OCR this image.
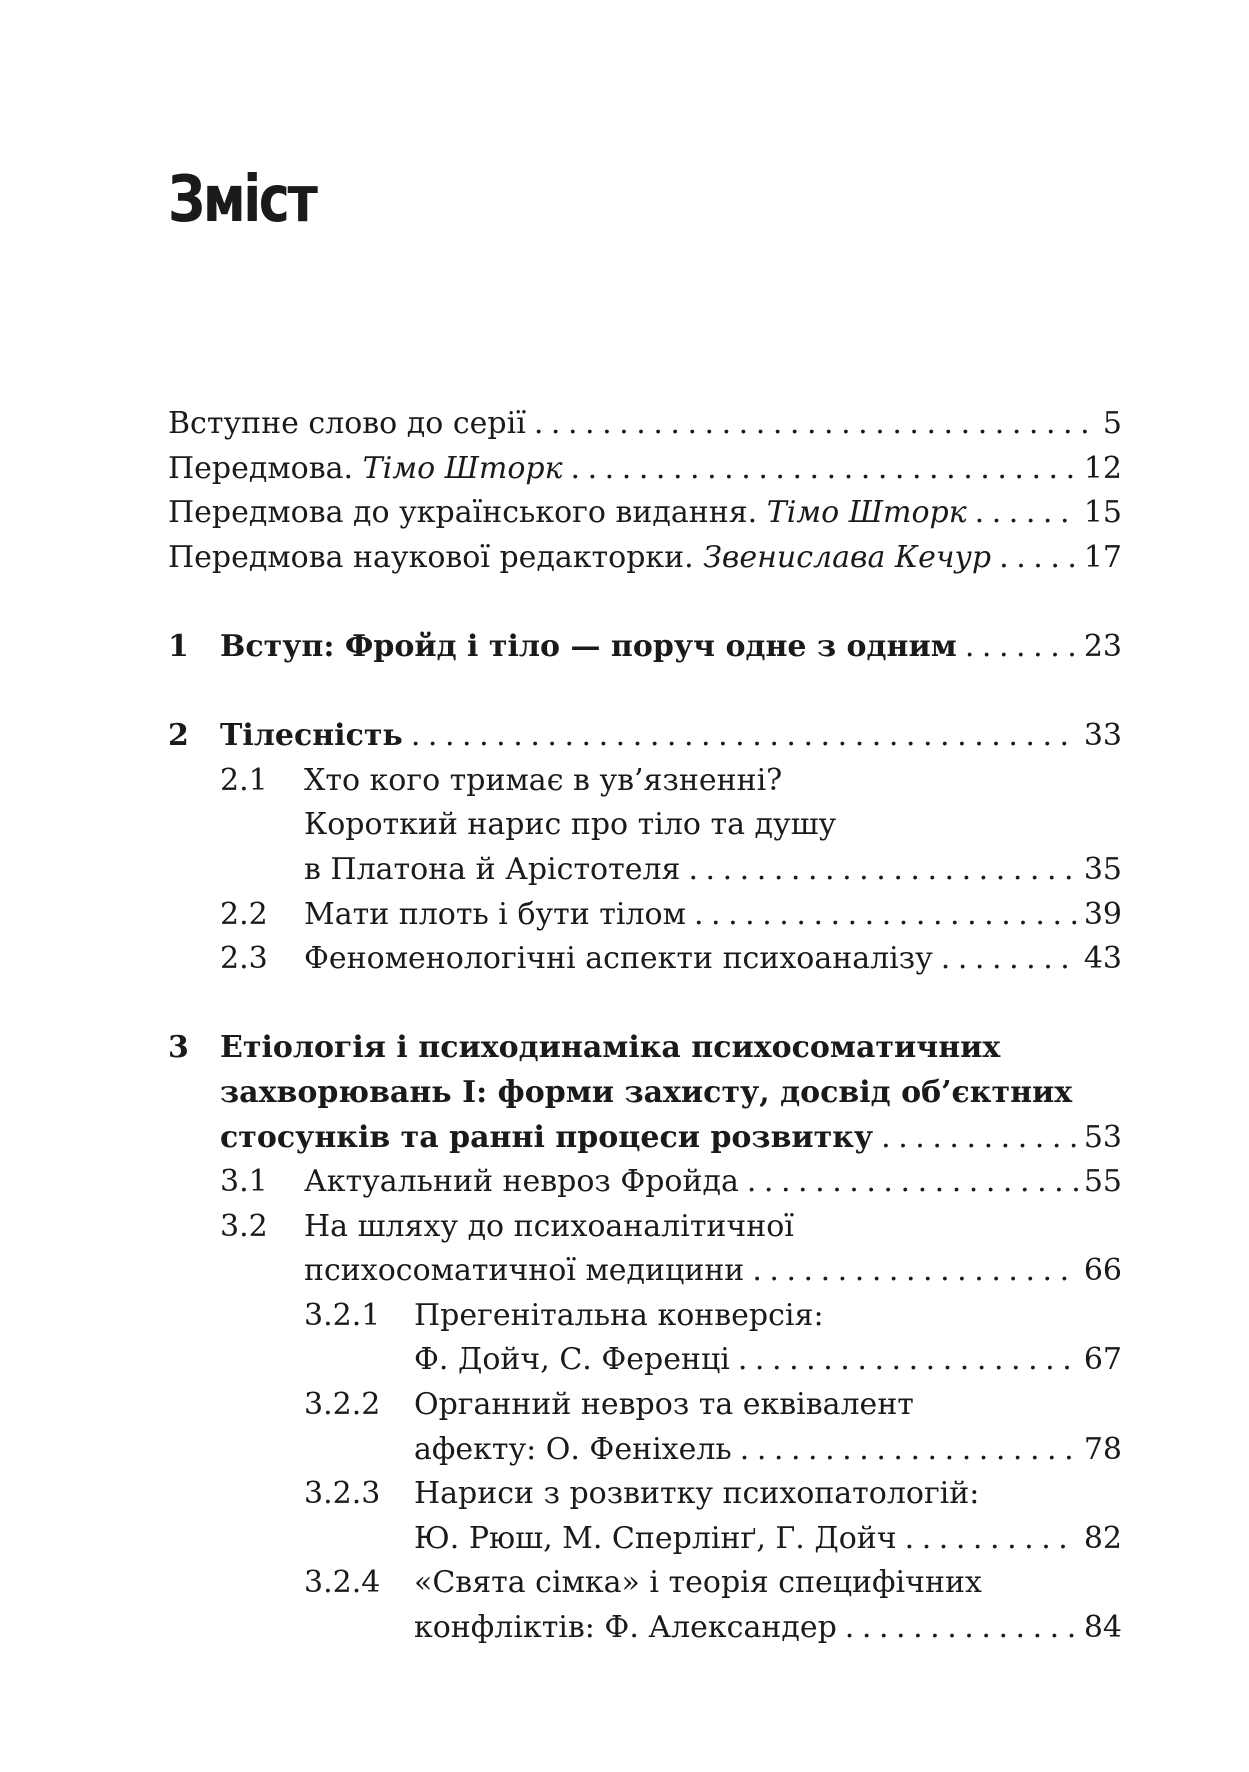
Зміст
Вступне слово до серії . . .	5
Передмова. Тімо Шторк . . .	12
Передмова до українського видання. Тімо Шторк . . .	15
Передмова наукової редакторки. Звенислава Кечур . . .	17
1 Вступ: Фройд і тіло — поруч одне з одним . . .	23
2 Тілесність . . .	33
2.1 Хто кого тримає в ув’язненні?
Короткий нарис про тіло та душу
в Платона й Арістотеля . . .	35
2.2 Мати плоть і бути тілом . . .	39
2.3 Феноменологічні аспекти психоаналізу . . .	43
3 Етіологія і психодинаміка психосоматичних
захворювань I: форми захисту, досвід об’єктних
стосунків та ранні процеси розвитку . . .	53
3.1 Актуальний невроз Фройда . . .	55
3.2 На шляху до психоаналітичної
психосоматичної медицини . . .	66
3.2.1 Прегенітальна конверсія:
Ф. Дойч, С. Ференці . . .	67
3.2.2 Органний невроз та еквівалент
афекту: О. Феніхель . . .	78
3.2.3 Нариси з розвитку психопатологій:
Ю. Рюш, М. Сперлінґ, Г. Дойч . . .	82
3.2.4 «Свята сімка» і теорія специфічних
конфліктів: Ф. Александер . . .	84
